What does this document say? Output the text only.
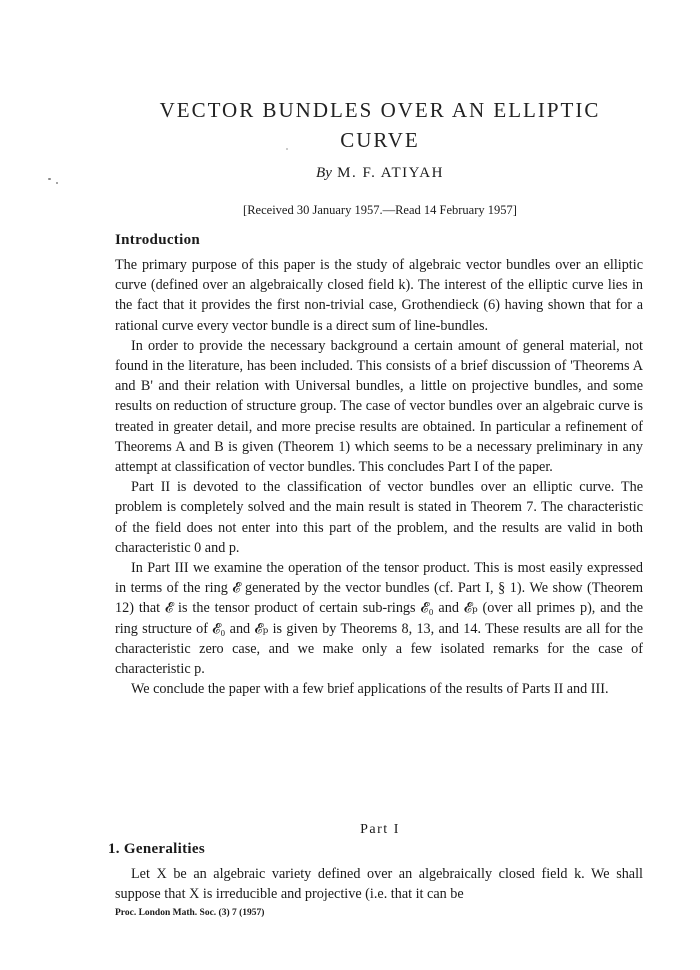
VECTOR BUNDLES OVER AN ELLIPTIC
CURVE
By M. F. ATIYAH
[Received 30 January 1957.—Read 14 February 1957]
Introduction

The primary purpose of this paper is the study of algebraic vector bundles over an elliptic curve (defined over an algebraically closed field k). The interest of the elliptic curve lies in the fact that it provides the first non-trivial case, Grothendieck (6) having shown that for a rational curve every vector bundle is a direct sum of line-bundles.

In order to provide the necessary background a certain amount of general material, not found in the literature, has been included. This consists of a brief discussion of 'Theorems A and B' and their relation with Universal bundles, a little on projective bundles, and some results on reduction of structure group. The case of vector bundles over an algebraic curve is treated in greater detail, and more precise results are obtained. In particular a refinement of Theorems A and B is given (Theorem 1) which seems to be a necessary preliminary in any attempt at classification of vector bundles. This concludes Part I of the paper.

Part II is devoted to the classification of vector bundles over an elliptic curve. The problem is completely solved and the main result is stated in Theorem 7. The characteristic of the field does not enter into this part of the problem, and the results are valid in both characteristic 0 and p.

In Part III we examine the operation of the tensor product. This is most easily expressed in terms of the ring 𝓔 generated by the vector bundles (cf. Part I, § 1). We show (Theorem 12) that 𝓔 is the tensor product of certain sub-rings 𝓔₀ and 𝓔ₚ (over all primes p), and the ring structure of 𝓔₀ and 𝓔ₚ is given by Theorems 8, 13, and 14. These results are all for the characteristic zero case, and we make only a few isolated remarks for the case of characteristic p.

We conclude the paper with a few brief applications of the results of Parts II and III.

Part I
1. Generalities

Let X be an algebraic variety defined over an algebraically closed field k. We shall suppose that X is irreducible and projective (i.e. that it can be

Proc. London Math. Soc. (3) 7 (1957)
